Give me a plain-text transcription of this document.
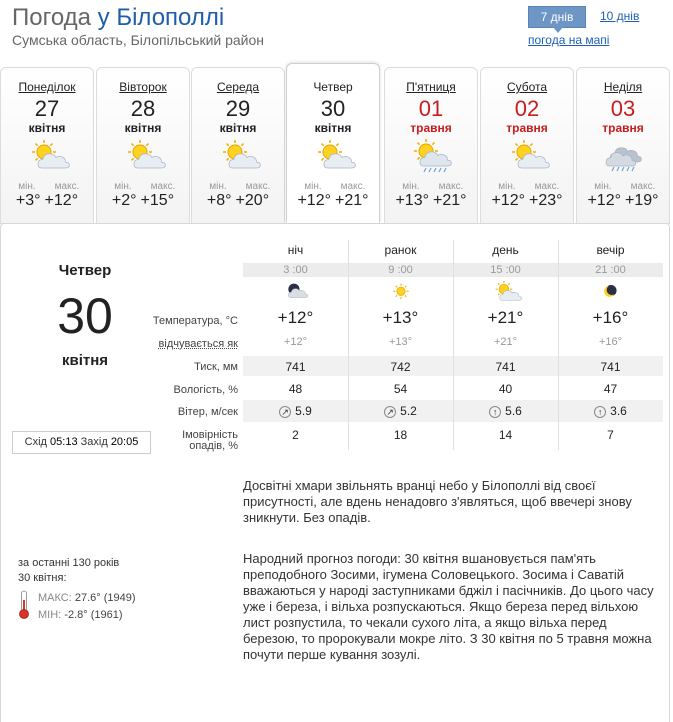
Погода у Білополлі
Сумська область, Білопільський район
7 днів	10 днів
погода на мапі
Понеділок
27
квітня
мін. макс.
+3° +12°
Вівторок
28
квітня
мін. макс.
+2° +15°
Середа
29
квітня
мін. макс.
+8° +20°
Четвер
30
квітня
мін. макс.
+12° +21°
П'ятниця
01
травня
мін. макс.
+13° +21°
Субота
02
травня
мін. макс.
+12° +23°
Неділя
03
травня
мін. макс.
+12° +19°
Четвер
30
квітня
Схід 05:13 Захід 20:05
Температура, °C
відчувається як
Тиск, мм
Вологість, %
Вітер, м/сек
Імовірність
опадів, %
ніч
3 :00
+12°
+12°
741
48
↗ 5.9
2
ранок
9 :00
+13°
+13°
742
54
↗ 5.2
18
день
15 :00
+21°
+21°
741
40
↑ 5.6
14
вечір
21 :00
+16°
+16°
741
47
↑ 3.6
7
Досвітні хмари звільнять вранці небо у Білополлі від своєї присутності, але вдень ненадовго з'являться, щоб ввечері знову зникнути. Без опадів.
Народний прогноз погоди: 30 квітня вшановується пам'ять преподобного Зосими, ігумена Соловецького. Зосима і Саватій вважаються у народі заступниками бджіл і пасічників. До цього часу уже і береза, і вільха розпускаються. Якщо береза перед вільхою лист розпустила, то чекали сухого літа, а якщо вільха перед березою, то пророкували мокре літо. З 30 квітня по 5 травня можна почути перше кування зозулі.
за останні 130 років
30 квітня:
МАКС: 27.6° (1949)
МІН: -2.8° (1961)
